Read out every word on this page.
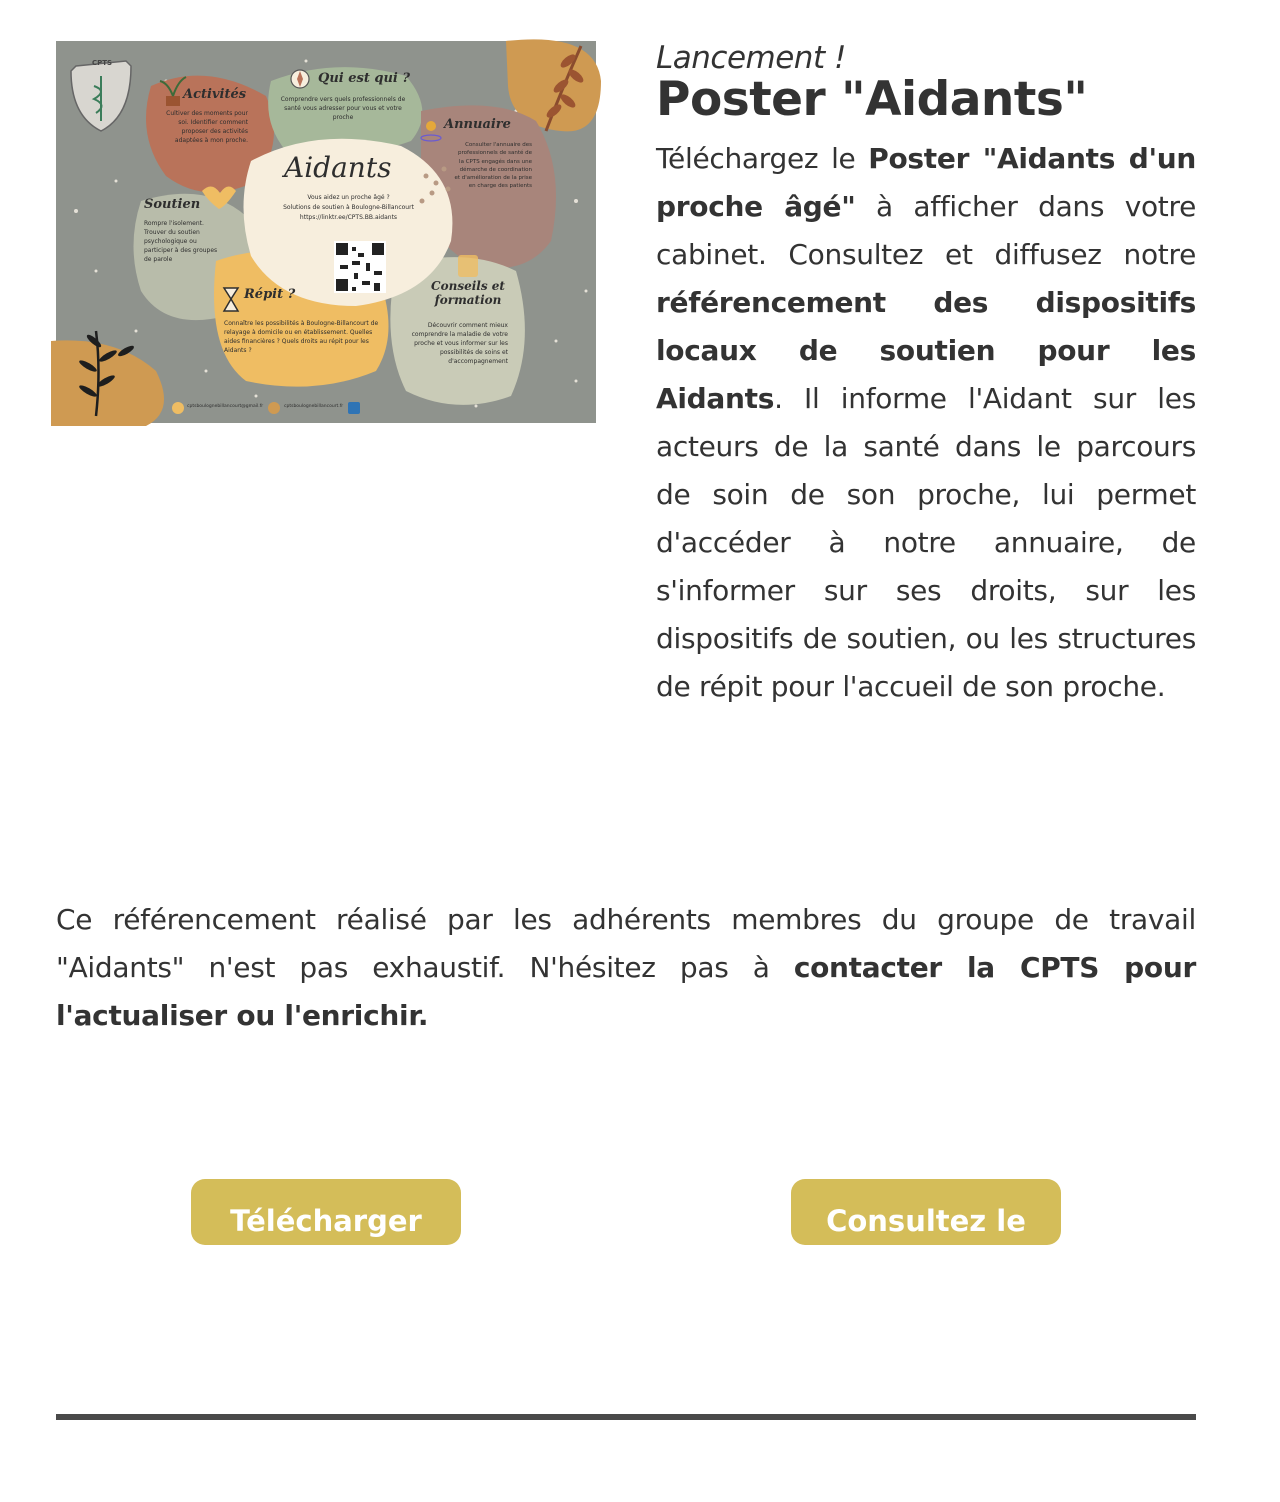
CPTS
Activités
Cultiver des moments pour soi. Identifier comment proposer des activités adaptées à mon proche.
Qui est qui ?
Comprendre vers quels professionnels de santé vous adresser pour vous et votre proche	Annuaire
Consulter l'annuaire des professionnels de santé de la CPTS engagés dans une démarche de coordination et d'amélioration de la prise en charge des patients
Aidants
Vous aidez un proche âgé ?
Solutions de soutien à Boulogne-Billancourt
https://linktr.ee/CPTS.BB.aidants
Soutien
Rompre l'isolement. Trouver du soutien psychologique ou participer à des groupes de parole
Répit ?
Connaître les possibilités à Boulogne-Billancourt de relayage à domicile ou en établissement. Quelles aides financières ? Quels droits au répit pour les Aidants ?
Conseils et formation
Découvrir comment mieux comprendre la maladie de votre proche et vous informer sur les possibilités de soins et d'accompagnement
cptsboulognebillancourt@gmail.fr	cptsboulognebillancourt.fr

Lancement !

Poster "Aidants"

Téléchargez le Poster "Aidants d'un proche âgé" à afficher dans votre cabinet. Consultez et diffusez notre référencement des dispositifs locaux de soutien pour les Aidants. Il informe l'Aidant sur les acteurs de la santé dans le parcours de soin de son proche, lui permet d'accéder à notre annuaire, de s'informer sur ses droits, sur les dispositifs de soutien, ou les structures de répit pour l'accueil de son proche.

Ce référencement réalisé par les adhérents membres du groupe de travail "Aidants" n'est pas exhaustif. N'hésitez pas à contacter la CPTS pour l'actualiser ou l'enrichir.

Télécharger le
Consultez le
